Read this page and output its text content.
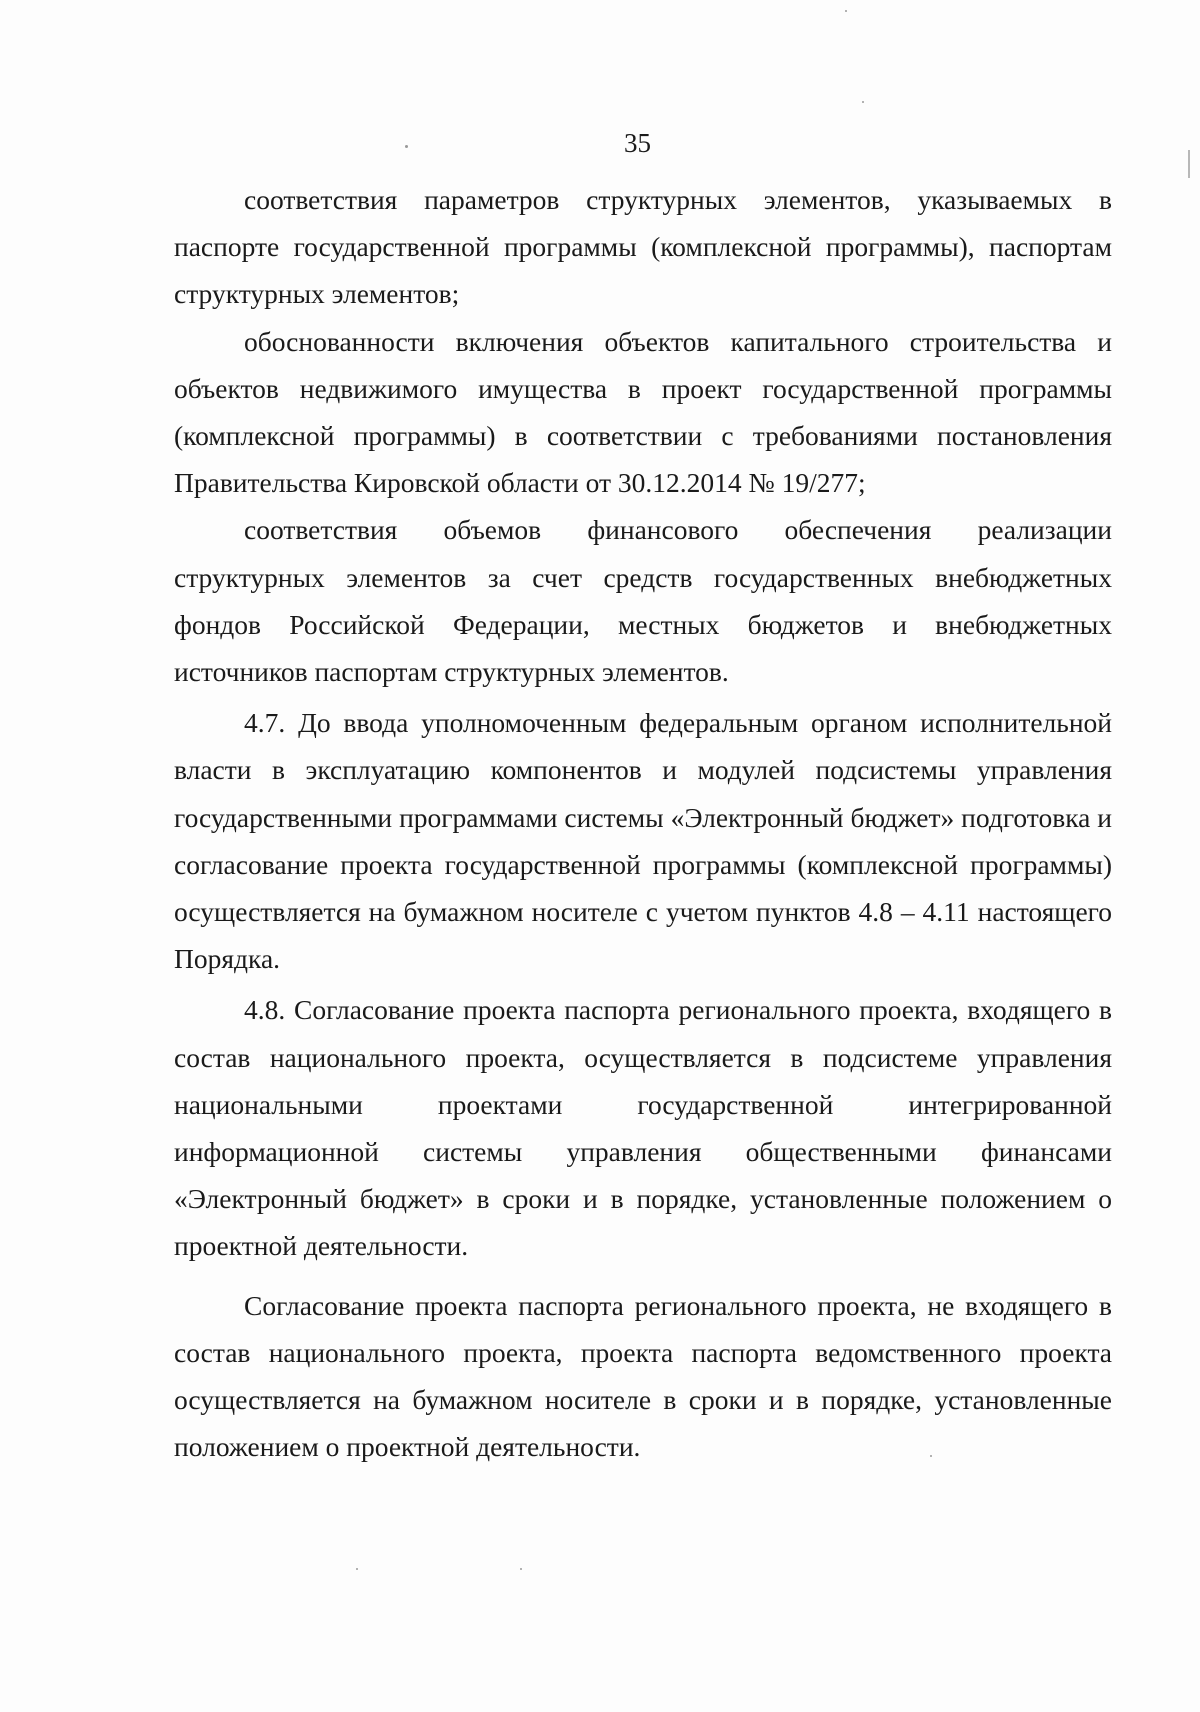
35

соответствия параметров структурных элементов, указываемых в паспорте государственной программы (комплексной программы), паспортам структурных элементов;

обоснованности включения объектов капитального строительства и объектов недвижимого имущества в проект государственной программы (комплексной программы) в соответствии с требованиями постановления Правительства Кировской области от 30.12.2014 № 19/277;

соответствия объемов финансового обеспечения реализации структурных элементов за счет средств государственных внебюджетных фондов Российской Федерации, местных бюджетов и внебюджетных источников паспортам структурных элементов.

4.7. До ввода уполномоченным федеральным органом исполнительной власти в эксплуатацию компонентов и модулей подсистемы управления государственными программами системы «Электронный бюджет» подготовка и согласование проекта государственной программы (комплексной программы) осуществляется на бумажном носителе с учетом пунктов 4.8 – 4.11 настоящего Порядка.

4.8. Согласование проекта паспорта регионального проекта, входящего в состав национального проекта, осуществляется в подсистеме управления национальными проектами государственной интегрированной информационной системы управления общественными финансами «Электронный бюджет» в сроки и в порядке, установленные положением о проектной деятельности.

Согласование проекта паспорта регионального проекта, не входящего в состав национального проекта, проекта паспорта ведомственного проекта осуществляется на бумажном носителе в сроки и в порядке, установленные положением о проектной деятельности.
